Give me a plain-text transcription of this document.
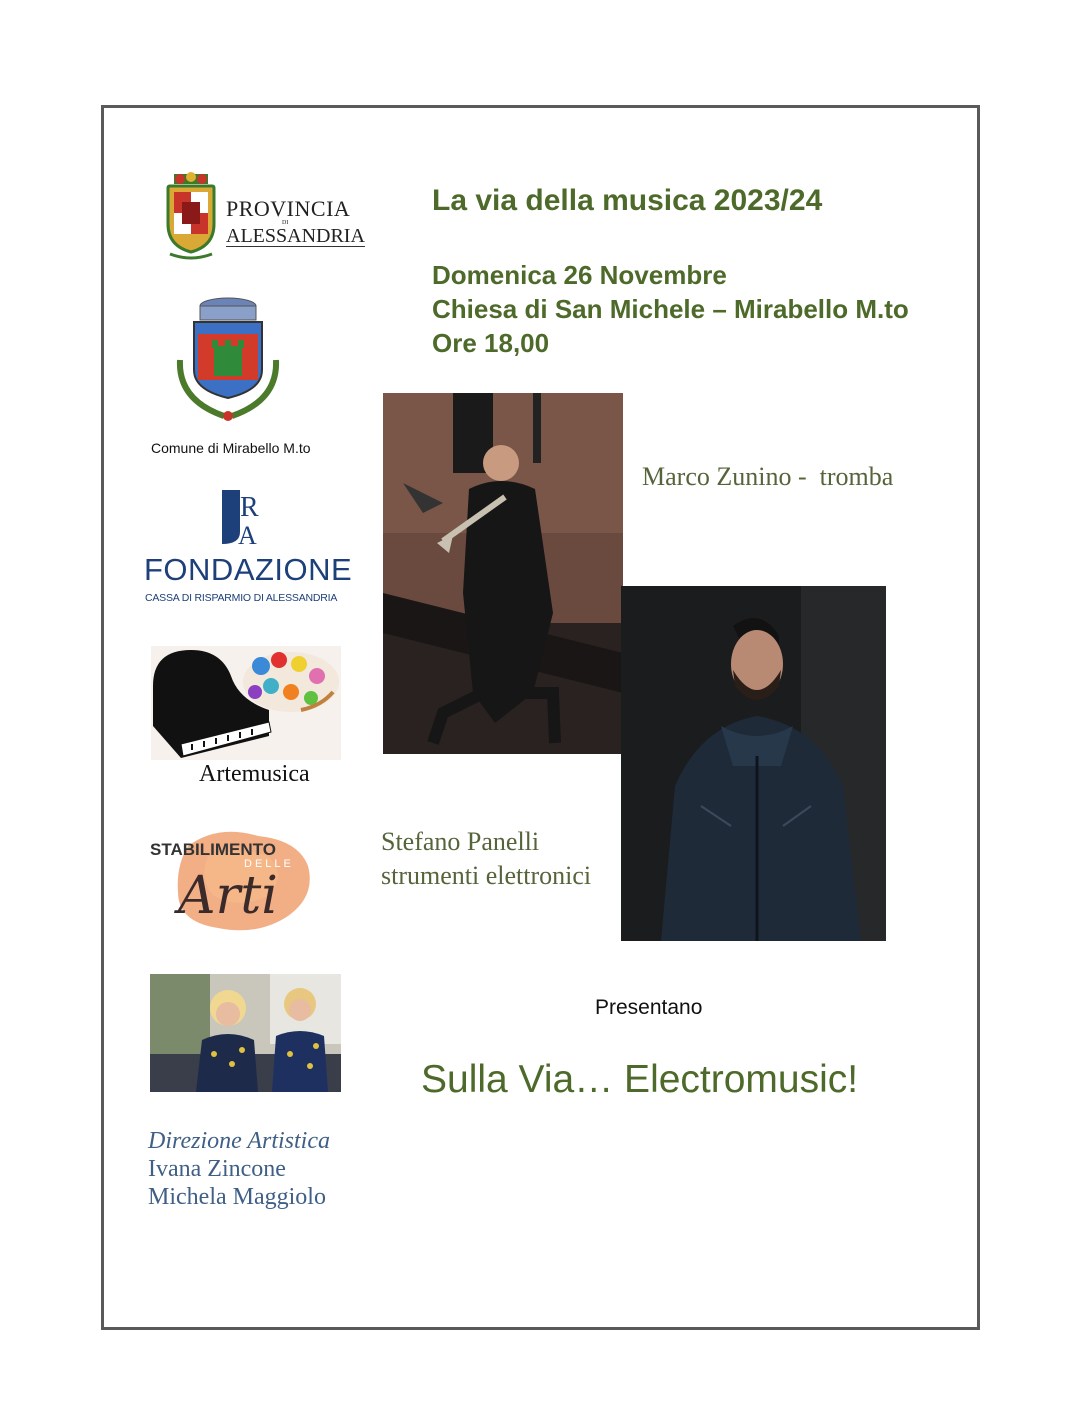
PROVINCIA
DI
ALESSANDRIA
Comune di Mirabello M.to
R
A
FONDAZIONE
CASSA DI RISPARMIO DI ALESSANDRIA
Artemusica
STABILIMENTO
DELLE
Arti
Direzione Artistica
Ivana Zincone
Michela Maggiolo
La via della musica 2023/24
Domenica 26 Novembre
Chiesa di San Michele – Mirabello M.to
Ore 18,00
Marco Zunino -  tromba
Stefano Panelli
strumenti elettronici
Presentano
Sulla Via… Electromusic!
